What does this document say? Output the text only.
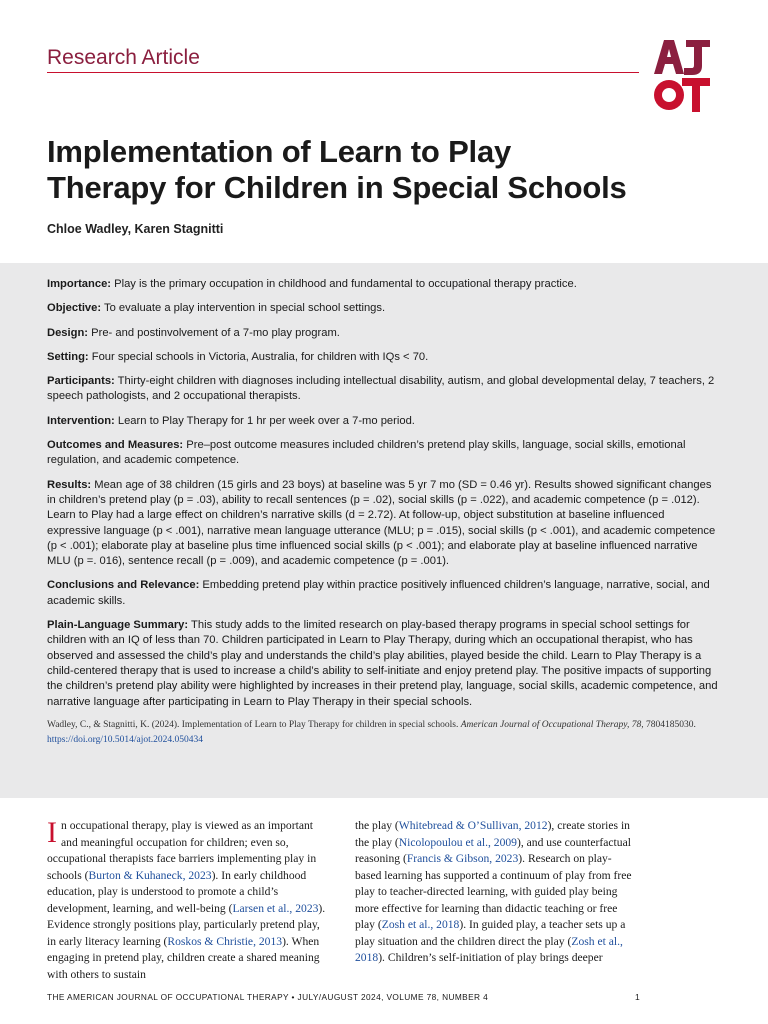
Research Article
Implementation of Learn to Play
Therapy for Children in Special Schools
Chloe Wadley, Karen Stagnitti

Importance: Play is the primary occupation in childhood and fundamental to occupational therapy practice.

Objective: To evaluate a play intervention in special school settings.

Design: Pre- and postinvolvement of a 7-mo play program.

Setting: Four special schools in Victoria, Australia, for children with IQs < 70.

Participants: Thirty-eight children with diagnoses including intellectual disability, autism, and global developmental delay, 7 teachers, 2 speech pathologists, and 2 occupational therapists.

Intervention: Learn to Play Therapy for 1 hr per week over a 7-mo period.

Outcomes and Measures: Pre–post outcome measures included children’s pretend play skills, language, social skills, emotional regulation, and academic competence.

Results: Mean age of 38 children (15 girls and 23 boys) at baseline was 5 yr 7 mo (SD = 0.46 yr). Results showed significant changes in children’s pretend play (p = .03), ability to recall sentences (p = .02), social skills (p = .022), and academic competence (p = .012). Learn to Play had a large effect on children’s narrative skills (d = 2.72). At follow-up, object substitution at baseline influenced expressive language (p < .001), narrative mean language utterance (MLU; p = .015), social skills (p < .001), and academic competence (p < .001); elaborate play at baseline plus time influenced social skills (p < .001); and elaborate play at baseline influenced narrative MLU (p =. 016), sentence recall (p = .009), and academic competence (p = .001).

Conclusions and Relevance: Embedding pretend play within practice positively influenced children’s language, narrative, social, and academic skills.

Plain-Language Summary: This study adds to the limited research on play-based therapy programs in special school settings for children with an IQ of less than 70. Children participated in Learn to Play Therapy, during which an occupational therapist, who has observed and assessed the child’s play and understands the child’s play abilities, played beside the child. Learn to Play Therapy is a child-centered therapy that is used to increase a child’s ability to self-initiate and enjoy pretend play. The positive impacts of supporting the children’s pretend play ability were highlighted by increases in their pretend play, language, social skills, academic competence, and narrative language after participating in Learn to Play Therapy in their special schools.

Wadley, C., & Stagnitti, K. (2024). Implementation of Learn to Play Therapy for children in special schools. American Journal of Occupational Therapy, 78, 7804185030. https://doi.org/10.5014/ajot.2024.050434

In occupational therapy, play is viewed as an important and meaningful occupation for children; even so, occupational therapists face barriers implementing play in schools (Burton & Kuhaneck, 2023). In early childhood education, play is understood to promote a child’s development, learning, and well-being (Larsen et al., 2023). Evidence strongly positions play, particularly pretend play, in early literacy learning (Roskos & Christie, 2013). When engaging in pretend play, children create a shared meaning with others to sustain
the play (Whitebread & O’Sullivan, 2012), create stories in the play (Nicolopoulou et al., 2009), and use counterfactual reasoning (Francis & Gibson, 2023). Research on play-based learning has supported a continuum of play from free play to teacher-directed learning, with guided play being more effective for learning than didactic teaching or free play (Zosh et al., 2018). In guided play, a teacher sets up a play situation and the children direct the play (Zosh et al., 2018). Children’s self-initiation of play brings deeper
THE AMERICAN JOURNAL OF OCCUPATIONAL THERAPY • JULY/AUGUST 2024, VOLUME 78, NUMBER 4	1
